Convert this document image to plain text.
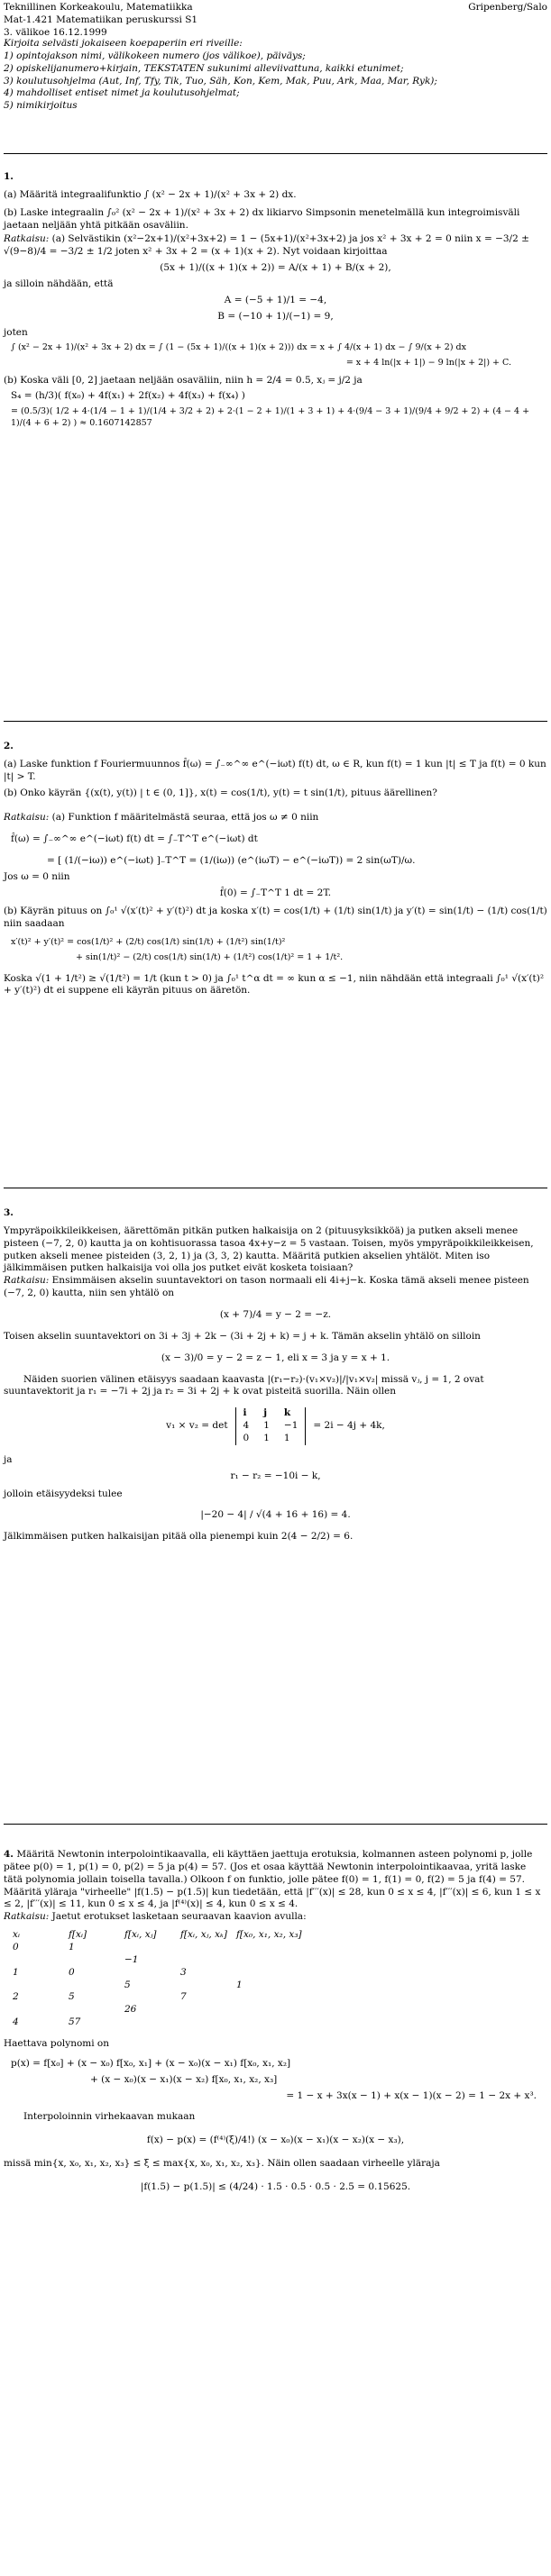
Teknillinen Korkeakoulu, Matematiikka	Gripenberg/Salo

Mat-1.421 Matematiikan peruskurssi S1

3. välikoe 16.12.1999

Kirjoita selvästi jokaiseen koepaperiin eri riveille:

1) opintojakson nimi, välikokeen numero (jos välikoe), päiväys;

2) opiskelijanumero+kirjain, TEKSTATEN sukunimi alleviivattuna, kaikki etunimet;

3) koulutusohjelma (Aut, Inf, Tfy, Tik, Tuo, Säh, Kon, Kem, Mak, Puu, Ark, Maa, Mar, Ryk);

4) mahdolliset entiset nimet ja koulutusohjelmat;

5) nimikirjoitus

1.

(a) Määritä integraalifunktio ∫ (x² − 2x + 1)/(x² + 3x + 2) dx.

(b) Laske integraalin ∫₀² (x² − 2x + 1)/(x² + 3x + 2) dx likiarvo Simpsonin menetelmällä kun integroimisväli jaetaan neljään yhtä pitkään osaväliin.

Ratkaisu: (a) Selvästikin (x²−2x+1)/(x²+3x+2) = 1 − (5x+1)/(x²+3x+2) ja jos x² + 3x + 2 = 0 niin x = −3/2 ± √(9−8)/4 = −3/2 ± 1/2 joten x² + 3x + 2 = (x + 1)(x + 2). Nyt voidaan kirjoittaa

(5x + 1)/((x + 1)(x + 2)) = A/(x + 1) + B/(x + 2),

ja silloin nähdään, että

A = (−5 + 1)/1 = −4,

B = (−10 + 1)/(−1) = 9,

joten

∫ (x² − 2x + 1)/(x² + 3x + 2) dx = ∫ (1 − (5x + 1)/((x + 1)(x + 2))) dx = x + ∫ 4/(x + 1) dx − ∫ 9/(x + 2) dx

= x + 4 ln(|x + 1|) − 9 ln(|x + 2|) + C.

(b) Koska väli [0, 2] jaetaan neljään osaväliin, niin h = 2/4 = 0.5, xⱼ = j/2 ja

S₄ = (h/3)( f(x₀) + 4f(x₁) + 2f(x₂) + 4f(x₃) + f(x₄) )

= (0.5/3)( 1/2 + 4·(1/4 − 1 + 1)/(1/4 + 3/2 + 2) + 2·(1 − 2 + 1)/(1 + 3 + 1) + 4·(9/4 − 3 + 1)/(9/4 + 9/2 + 2) + (4 − 4 + 1)/(4 + 6 + 2) ) ≈ 0.1607142857

2.

(a) Laske funktion f Fouriermuunnos f̂(ω) = ∫₋∞^∞ e^(−iωt) f(t) dt, ω ∈ R, kun f(t) = 1 kun |t| ≤ T ja f(t) = 0 kun |t| > T.

(b) Onko käyrän {(x(t), y(t)) | t ∈ (0, 1]}, x(t) = cos(1/t), y(t) = t sin(1/t), pituus äärellinen?

Ratkaisu: (a) Funktion f määritelmästä seuraa, että jos ω ≠ 0 niin

f̂(ω) = ∫₋∞^∞ e^(−iωt) f(t) dt = ∫₋T^T e^(−iωt) dt

= [ (1/(−iω)) e^(−iωt) ]₋T^T = (1/(iω)) (e^(iωT) − e^(−iωT)) = 2 sin(ωT)/ω.

Jos ω = 0 niin

f̂(0) = ∫₋T^T 1 dt = 2T.

(b) Käyrän pituus on ∫₀¹ √(x′(t)² + y′(t)²) dt ja koska x′(t) = cos(1/t) + (1/t) sin(1/t) ja y′(t) = sin(1/t) − (1/t) cos(1/t) niin saadaan

x′(t)² + y′(t)² = cos(1/t)² + (2/t) cos(1/t) sin(1/t) + (1/t²) sin(1/t)²

+ sin(1/t)² − (2/t) cos(1/t) sin(1/t) + (1/t²) cos(1/t)² = 1 + 1/t².

Koska √(1 + 1/t²) ≥ √(1/t²) = 1/t (kun t > 0) ja ∫₀¹ t^α dt = ∞ kun α ≤ −1, niin nähdään että integraali ∫₀¹ √(x′(t)² + y′(t)²) dt ei suppene eli käyrän pituus on ääretön.

3.

Ympyräpoikkileikkeisen, äärettömän pitkän putken halkaisija on 2 (pituusyksikköä) ja putken akseli menee pisteen (−7, 2, 0) kautta ja on kohtisuorassa tasoa 4x+y−z = 5 vastaan. Toisen, myös ympyräpoikkileikkeisen, putken akseli menee pisteiden (3, 2, 1) ja (3, 3, 2) kautta. Määritä putkien akselien yhtälöt. Miten iso jälkimmäisen putken halkaisija voi olla jos putket eivät kosketa toisiaan?

Ratkaisu: Ensimmäisen akselin suuntavektori on tason normaali eli 4i+j−k. Koska tämä akseli menee pisteen (−7, 2, 0) kautta, niin sen yhtälö on

(x + 7)/4 = y − 2 = −z.

Toisen akselin suuntavektori on 3i + 3j + 2k − (3i + 2j + k) = j + k. Tämän akselin yhtälö on silloin

(x − 3)/0 = y − 2 = z − 1, eli x = 3 ja y = x + 1.

Näiden suorien välinen etäisyys saadaan kaavasta |(r₁−r₂)·(v₁×v₂)|/|v₁×v₂| missä vⱼ, j = 1, 2 ovat suuntavektorit ja r₁ = −7i + 2j ja r₂ = 3i + 2j + k ovat pisteitä suorilla. Näin ollen

v₁ × v₂ = det
i	j	k
4	1	−1
0	1	1
= 2i − 4j + 4k,

ja

r₁ − r₂ = −10i − k,

jolloin etäisyydeksi tulee

|−20 − 4| / √(4 + 16 + 16) = 4.

Jälkimmäisen putken halkaisijan pitää olla pienempi kuin 2(4 − 2/2) = 6.

4. Määritä Newtonin interpolointikaavalla, eli käyttäen jaettuja erotuksia, kolmannen asteen polynomi p, jolle pätee p(0) = 1, p(1) = 0, p(2) = 5 ja p(4) = 57. (Jos et osaa käyttää Newtonin interpolointikaavaa, yritä laske tätä polynomia jollain toisella tavalla.) Olkoon f on funktio, jolle pätee f(0) = 1, f(1) = 0, f(2) = 5 ja f(4) = 57. Määritä yläraja "virheelle" |f(1.5) − p(1.5)| kun tiedetään, että |f′′′(x)| ≤ 28, kun 0 ≤ x ≤ 4, |f′′′(x)| ≤ 6, kun 1 ≤ x ≤ 2, |f′′′(x)| ≤ 11, kun 0 ≤ x ≤ 4, ja |f⁽⁴⁾(x)| ≤ 4, kun 0 ≤ x ≤ 4.

Ratkaisu: Jaetut erotukset lasketaan seuraavan kaavion avulla:

xᵢ	f[xᵢ]	f[xᵢ, xⱼ]	f[xᵢ, xⱼ, xₖ]	f[x₀, x₁, x₂, x₃]
0	1			
		−1		
1	0		3	
		5		1
2	5		7	
		26		
4	57			

Haettava polynomi on

p(x) = f[x₀] + (x − x₀) f[x₀, x₁] + (x − x₀)(x − x₁) f[x₀, x₁, x₂]

+ (x − x₀)(x − x₁)(x − x₂) f[x₀, x₁, x₂, x₃]

= 1 − x + 3x(x − 1) + x(x − 1)(x − 2) = 1 − 2x + x³.

Interpoloinnin virhekaavan mukaan

f(x) − p(x) = (f⁽⁴⁾(ξ)/4!) (x − x₀)(x − x₁)(x − x₂)(x − x₃),

missä min{x, x₀, x₁, x₂, x₃} ≤ ξ ≤ max{x, x₀, x₁, x₂, x₃}. Näin ollen saadaan virheelle yläraja

|f(1.5) − p(1.5)| ≤ (4/24) · 1.5 · 0.5 · 0.5 · 2.5 = 0.15625.
